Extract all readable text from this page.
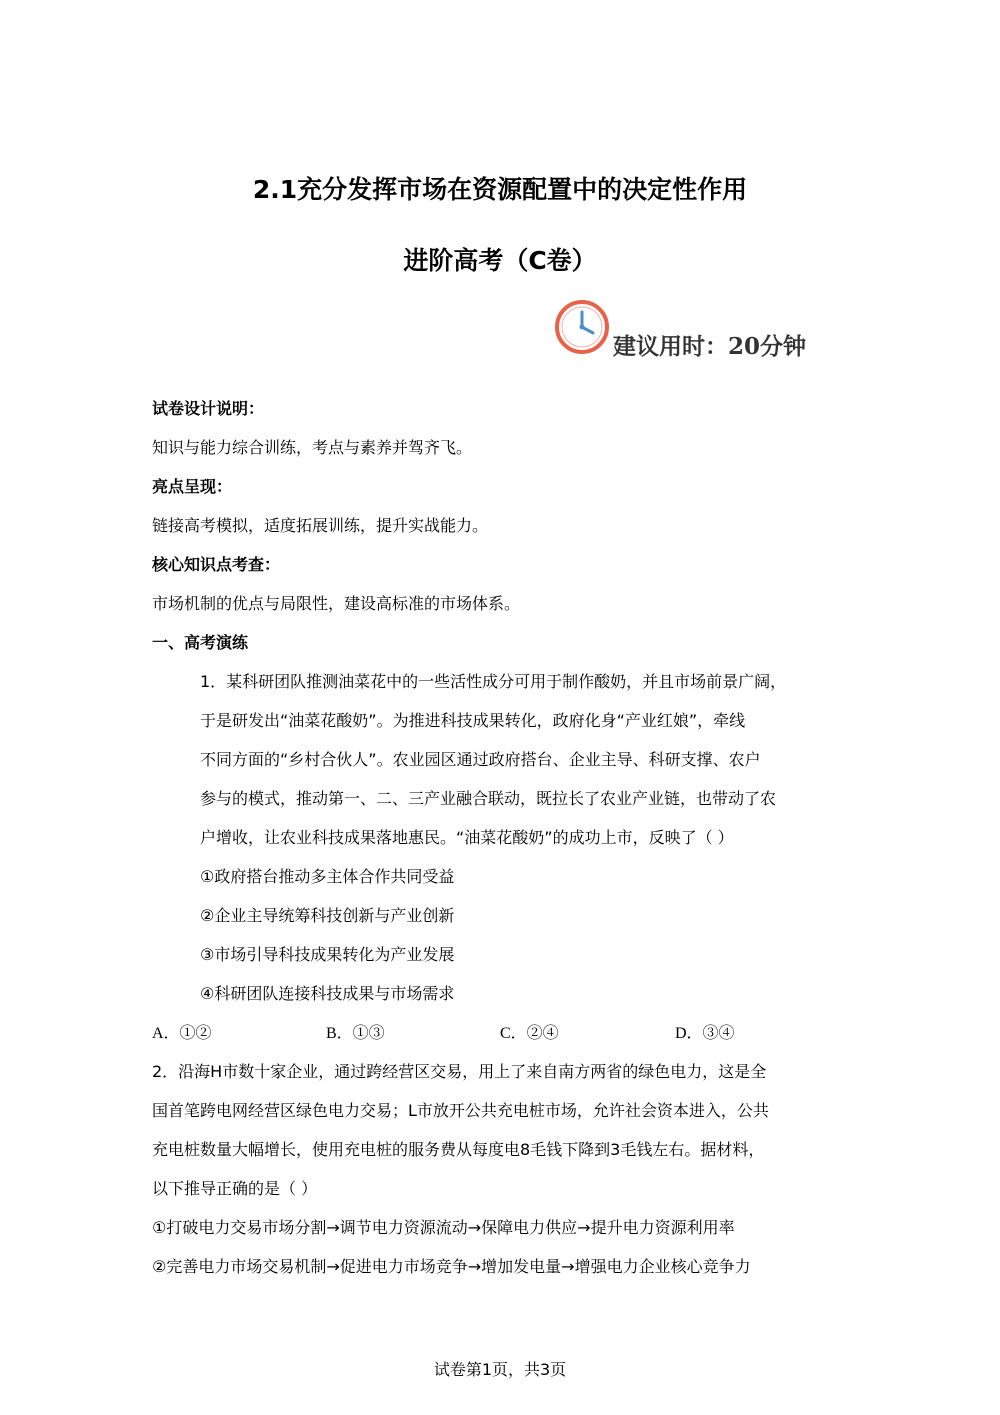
2.1充分发挥市场在资源配置中的决定性作用
进阶高考（C卷）
建议用时：20分钟
试卷设计说明：
知识与能力综合训练，考点与素养并驾齐飞。
亮点呈现：
链接高考模拟，适度拓展训练，提升实战能力。
核心知识点考查：
市场机制的优点与局限性，建设高标准的市场体系。
一、高考演练
1．某科研团队推测油菜花中的一些活性成分可用于制作酸奶，并且市场前景广阔，
于是研发出“油菜花酸奶”。为推进科技成果转化，政府化身“产业红娘”，牵线
不同方面的“乡村合伙人”。农业园区通过政府搭台、企业主导、科研支撑、农户
参与的模式，推动第一、二、三产业融合联动，既拉长了农业产业链，也带动了农
户增收，让农业科技成果落地惠民。“油菜花酸奶”的成功上市，反映了（ ）
①政府搭台推动多主体合作共同受益
②企业主导统筹科技创新与产业创新
③市场引导科技成果转化为产业发展
④科研团队连接科技成果与市场需求
A．①②	B．①③	C．②④	D．③④
2．沿海H市数十家企业，通过跨经营区交易，用上了来自南方两省的绿色电力，这是全
国首笔跨电网经营区绿色电力交易；L市放开公共充电桩市场，允许社会资本进入，公共
充电桩数量大幅增长，使用充电桩的服务费从每度电8毛钱下降到3毛钱左右。据材料，
以下推导正确的是（ ）
①打破电力交易市场分割→调节电力资源流动→保障电力供应→提升电力资源利用率
②完善电力市场交易机制→促进电力市场竞争→增加发电量→增强电力企业核心竞争力
试卷第1页，共3页
